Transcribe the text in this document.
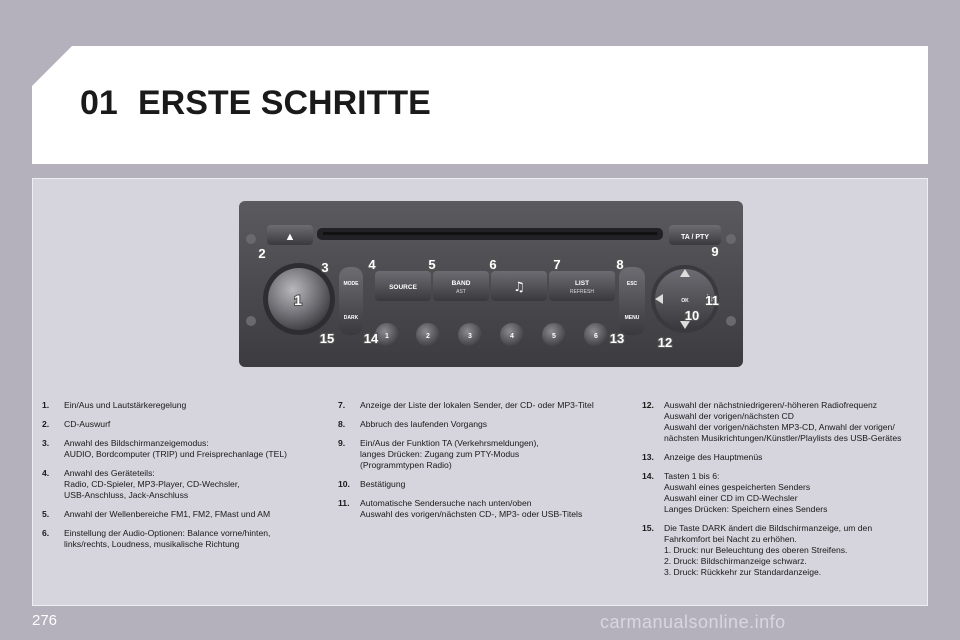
01 ERSTE SCHRITTE
▲	TA / PTY
MODE
DARK
SOURCE
BAND
AST	♫	LIST
REFRESH
ESC
MENU
OK
1	2	3	4	5	6
1
2
3	4	5	6	7	8
9
10
11
12
13
14
15
1.	Ein/Aus und Lautstärkeregelung
2.	CD-Auswurf
3.	Anwahl des Bildschirmanzeigemodus:
AUDIO, Bordcomputer (TRIP) und Freisprechanlage (TEL)
4.	Anwahl des Geräteteils:
Radio, CD-Spieler, MP3-Player, CD-Wechsler,
USB-Anschluss, Jack-Anschluss
5.	Anwahl der Wellenbereiche FM1, FM2, FMast und AM
6.	Einstellung der Audio-Optionen: Balance vorne/hinten,
links/rechts, Loudness, musikalische Richtung
7.	Anzeige der Liste der lokalen Sender, der CD- oder MP3-Titel
8.	Abbruch des laufenden Vorgangs
9.	Ein/Aus der Funktion TA (Verkehrsmeldungen),
langes Drücken: Zugang zum PTY-Modus
(Programmtypen Radio)
10.	Bestätigung
11.	Automatische Sendersuche nach unten/oben
Auswahl des vorigen/nächsten CD-, MP3- oder USB-Titels
12.	Auswahl der nächstniedrigeren/-höheren Radiofrequenz
Auswahl der vorigen/nächsten CD
Auswahl der vorigen/nächsten MP3-CD, Anwahl der vorigen/
nächsten Musikrichtungen/Künstler/Playlists des USB-Gerätes
13.	Anzeige des Hauptmenüs
14.	Tasten 1 bis 6:
Auswahl eines gespeicherten Senders
Auswahl einer CD im CD-Wechsler
Langes Drücken: Speichern eines Senders
15.	Die Taste DARK ändert die Bildschirmanzeige, um den
Fahrkomfort bei Nacht zu erhöhen.
1. Druck: nur Beleuchtung des oberen Streifens.
2. Druck: Bildschirmanzeige schwarz.
3. Druck: Rückkehr zur Standardanzeige.
276	carmanualsonline.info
